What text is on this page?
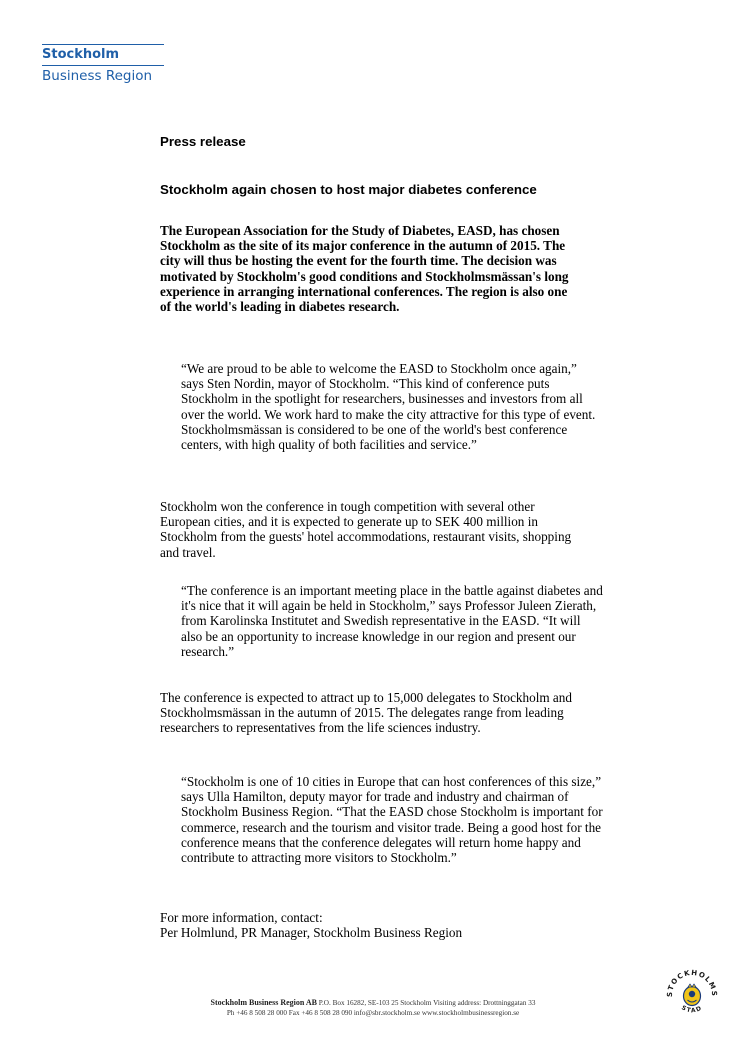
Stockholm
Business Region

Press release

Stockholm again chosen to host major diabetes conference

The European Association for the Study of Diabetes, EASD, has chosen Stockholm as the site of its major conference in the autumn of 2015. The city will thus be hosting the event for the fourth time. The decision was motivated by Stockholm's good conditions and Stockholmsmässan's long experience in arranging international conferences. The region is also one of the world's leading in diabetes research.

“We are proud to be able to welcome the EASD to Stockholm once again,” says Sten Nordin, mayor of Stockholm. “This kind of conference puts Stockholm in the spotlight for researchers, businesses and investors from all over the world. We work hard to make the city attractive for this type of event. Stockholmsmässan is considered to be one of the world's best conference centers, with high quality of both facilities and service.”

Stockholm won the conference in tough competition with several other European cities, and it is expected to generate up to SEK 400 million in Stockholm from the guests' hotel accommodations, restaurant visits, shopping and travel.

“The conference is an important meeting place in the battle against diabetes and it's nice that it will again be held in Stockholm,” says Professor Juleen Zierath, from Karolinska Institutet and Swedish representative in the EASD. “It will also be an opportunity to increase knowledge in our region and present our research.”

The conference is expected to attract up to 15,000 delegates to Stockholm and Stockholmsmässan in the autumn of 2015. The delegates range from leading researchers to representatives from the life sciences industry.

“Stockholm is one of 10 cities in Europe that can host conferences of this size,” says Ulla Hamilton, deputy mayor for trade and industry and chairman of Stockholm Business Region. “That the EASD chose Stockholm is important for commerce, research and the tourism and visitor trade. Being a good host for the conference means that the conference delegates will return home happy and contribute to attracting more visitors to Stockholm.”

For more information, contact:

Per Holmlund, PR Manager, Stockholm Business Region

Stockholm Business Region AB P.O. Box 16282, SE-103 25 Stockholm Visiting address: Drottninggatan 33
Ph +46 8 508 28 000 Fax +46 8 508 28 090 info@sbr.stockholm.se www.stockholmbusinessregion.se
STOCKHOLMS
STAD
